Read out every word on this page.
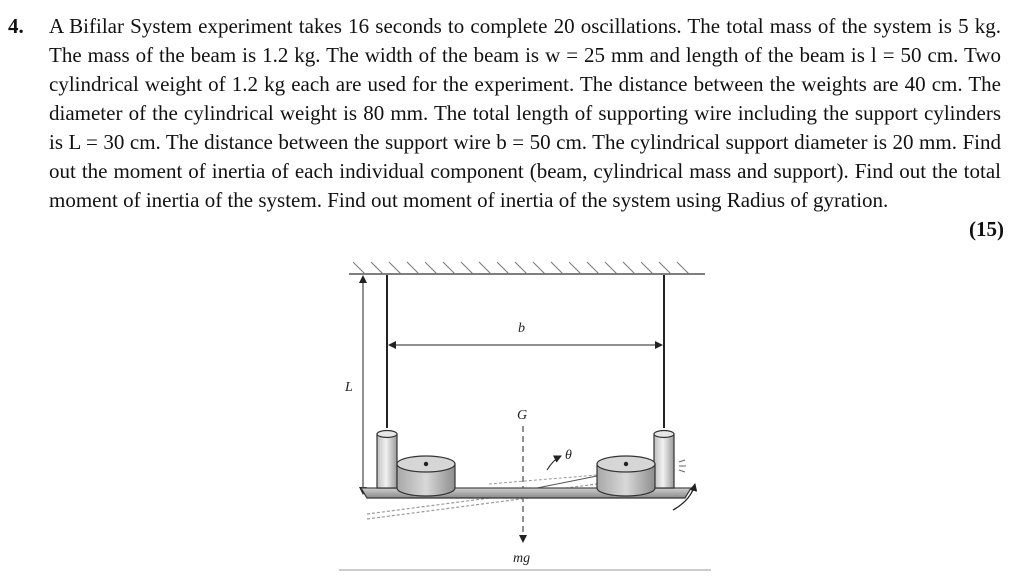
4. A Bifilar System experiment takes 16 seconds to complete 20 oscillations. The total mass of the system is 5 kg. The mass of the beam is 1.2 kg. The width of the beam is w = 25 mm and length of the beam is l = 50 cm. Two cylindrical weight of 1.2 kg each are used for the experiment. The distance between the weights are 40 cm. The diameter of the cylindrical weight is 80 mm. The total length of supporting wire including the support cylinders is L = 30 cm. The distance between the support wire b = 50 cm. The cylindrical support diameter is 20 mm. Find out the moment of inertia of each individual component (beam, cylindrical mass and support). Find out the total moment of inertia of the system. Find out moment of inertia of the system using Radius of gyration.
(15)
L
b
G
mg
θ
